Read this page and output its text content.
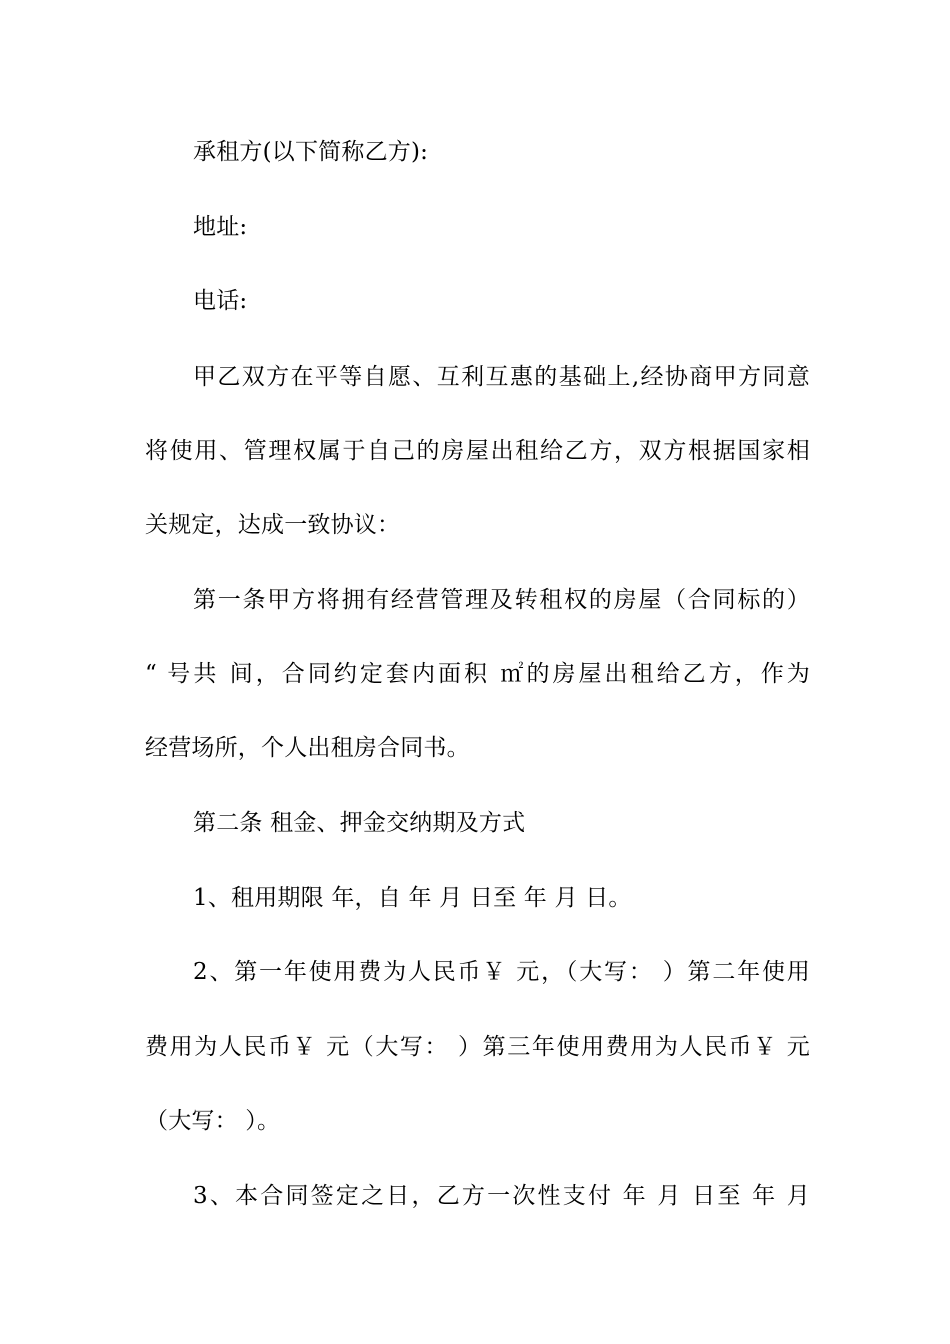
承租方(以下简称乙方):
地址:
电话:
甲乙双方在平等自愿、互利互惠的基础上,经协商甲方同意
将使用、管理权属于自己的房屋出租给乙方，双方根据国家相
关规定，达成一致协议：
第一条甲方将拥有经营管理及转租权的房屋（合同标的）
“ 号共 间，合同约定套内面积 ㎡的房屋出租给乙方，作为
经营场所，个人出租房合同书。
第二条 租金、押金交纳期及方式
1、租用期限 年，自 年 月 日至 年 月 日。
2、第一年使用费为人民币￥ 元，（大写： ）第二年使用
费用为人民币￥ 元（大写： ）第三年使用费用为人民币￥ 元
（大写： ）。
3、本合同签定之日，乙方一次性支付 年 月 日至 年 月
